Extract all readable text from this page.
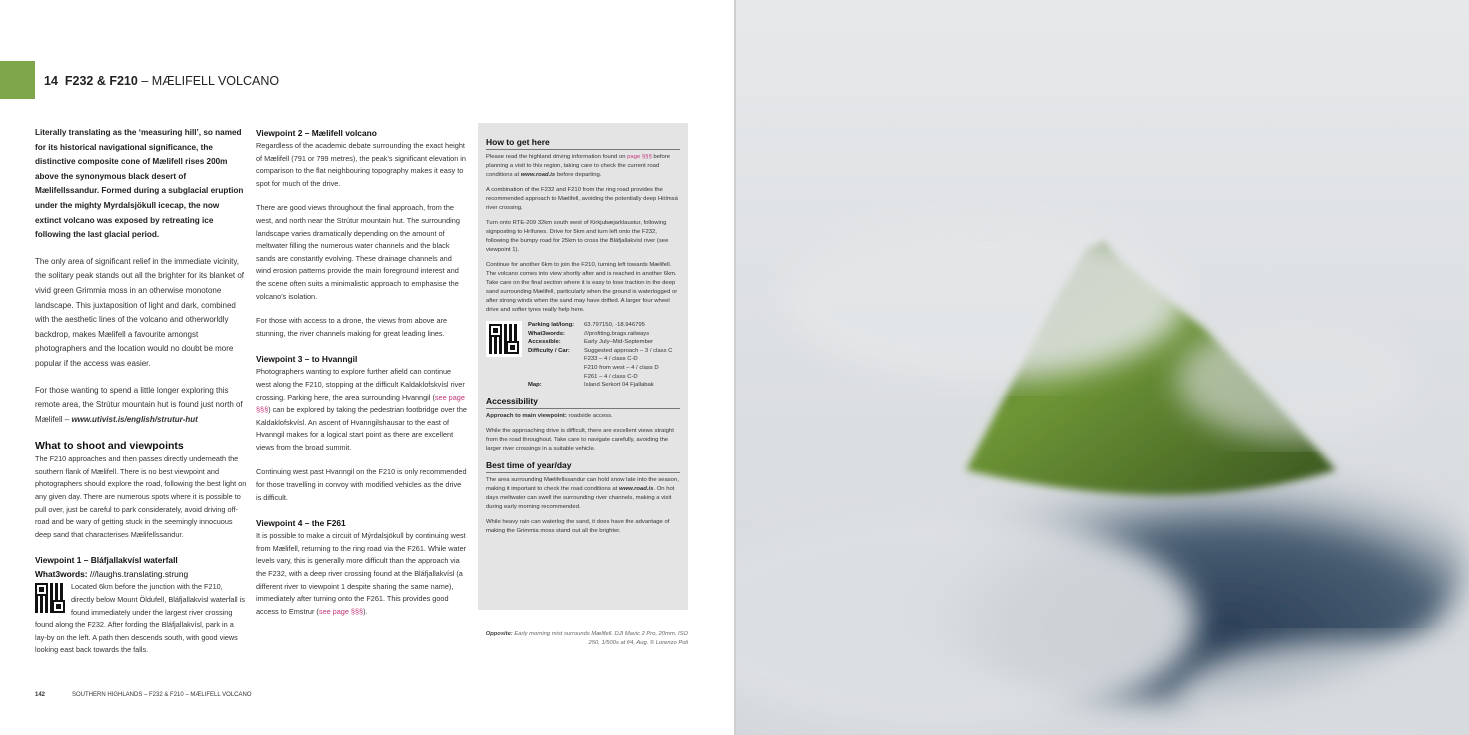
14 F232 & F210 – MÆLIFELL VOLCANO

Literally translating as the ‘measuring hill’, so named for its historical navigational significance, the distinctive composite cone of Mælifell rises 200m above the synonymous black desert of Mælifellssandur. Formed during a subglacial eruption under the mighty Myrdalsjökull icecap, the now extinct volcano was exposed by retreating ice following the last glacial period.

The only area of significant relief in the immediate vicinity, the solitary peak stands out all the brighter for its blanket of vivid green Grimmia moss in an otherwise monotone landscape. This juxtaposition of light and dark, combined with the aesthetic lines of the volcano and otherworldly backdrop, makes Mælifell a favourite amongst photographers and the location would no doubt be more popular if the access was easier.

For those wanting to spend a little longer exploring this remote area, the Strútur mountain hut is found just north of Mælifell – www.utivist.is/english/strutur-hut

What to shoot and viewpoints

The F210 approaches and then passes directly underneath the southern flank of Mælifell. There is no best viewpoint and photographers should explore the road, following the best light on any given day. There are numerous spots where it is possible to pull over, just be careful to park considerately, avoid driving off-road and be wary of getting stuck in the seemingly innocuous deep sand that characterises Mælifellssandur.

Viewpoint 1 – Bláfjallakvísl waterfall
What3words: ///laughs.translating.strung

Located 6km before the junction with the F210, directly below Mount Öldufell, Bláfjallakvísl waterfall is found immediately under the largest river crossing found along the F232. After fording the Bláfjallakvísl, park in a lay-by on the left. A path then descends south, with good views looking east back towards the falls.

Viewpoint 2 – Mælifell volcano

Regardless of the academic debate surrounding the exact height of Mælifell (791 or 799 metres), the peak’s significant elevation in comparison to the flat neighbouring topography makes it easy to spot for much of the drive.

There are good views throughout the final approach, from the west, and north near the Strútur mountain hut. The surrounding landscape varies dramatically depending on the amount of meltwater filling the numerous water channels and the black sands are constantly evolving. These drainage channels and wind erosion patterns provide the main foreground interest and the scene often suits a minimalistic approach to emphasise the volcano’s isolation.

For those with access to a drone, the views from above are stunning, the river channels making for great leading lines.

Viewpoint 3 – to Hvanngil

Photographers wanting to explore further afield can continue west along the F210, stopping at the difficult Kaldaklofskvísl river crossing. Parking here, the area surrounding Hvanngil (see page §§§) can be explored by taking the pedestrian footbridge over the Kaldaklofskvísl. An ascent of Hvanngilshausar to the east of Hvanngil makes for a logical start point as there are excellent views from the broad summit.

Continuing west past Hvanngil on the F210 is only recommended for those travelling in convoy with modified vehicles as the drive is difficult.

Viewpoint 4 – the F261

It is possible to make a circuit of Mýrdalsjökull by continuing west from Mælifell, returning to the ring road via the F261. While water levels vary, this is generally more difficult than the approach via the F232, with a deep river crossing found at the Bláfjallakvísl (a different river to viewpoint 1 despite sharing the same name), immediately after turning onto the F261. This provides good access to Emstrur (see page §§§).

How to get here

Please read the highland driving information found on page §§§ before planning a visit to this region, taking care to check the current road conditions at www.road.is before departing.

A combination of the F232 and F210 from the ring road provides the recommended approach to Mælifell, avoiding the potentially deep Hólmsá river crossing.

Turn onto RTE-209 32km south west of Kirkjubæjarklaustur, following signposting to Hrífunes. Drive for 5km and turn left onto the F232, following the bumpy road for 25km to cross the Bláfjallakvísl river (see viewpoint 1).

Continue for another 6km to join the F210, turning left towards Mælifell. The volcano comes into view shortly after and is reached in another 6km. Take care on the final section where it is easy to lose traction in the deep sand surrounding Mælifell, particularly when the ground is waterlogged or after strong winds when the sand may have drifted. A larger four wheel drive and softer tyres really help here.

Parking lat/long:	63.797150, -18.946795
What3words:	///profiting.brags.railways
Accessible:	Early July–Mid-September
Difficulty / Car:	Suggested approach – 3 / class C
	F233 – 4 / class C-D
	F210 from west – 4 / class D
	F261 – 4 / class C-D
Map:	Island Serkort 04 Fjallabak
Accessibility

Approach to main viewpoint: roadside access.

While the approaching drive is difficult, there are excellent views straight from the road throughout. Take care to navigate carefully, avoiding the larger river crossings in a suitable vehicle.

Best time of year/day

The area surrounding Mælifellssandur can hold snow late into the season, making it important to check the road conditions at www.road.is. On hot days meltwater can swell the surrounding river channels, making a visit during early morning recommended.

While heavy rain can waterlog the sand, it does have the advantage of making the Grimmia moss stand out all the brighter.

Opposite: Early morning mist surrounds Mælifell. DJI Mavic 2 Pro, 20mm, ISO 250, 1/500s at f/4, Aug. © Lorenzo Poli
142	SOUTHERN HIGHLANDS – F232 & F210 – MÆLIFELL VOLCANO
